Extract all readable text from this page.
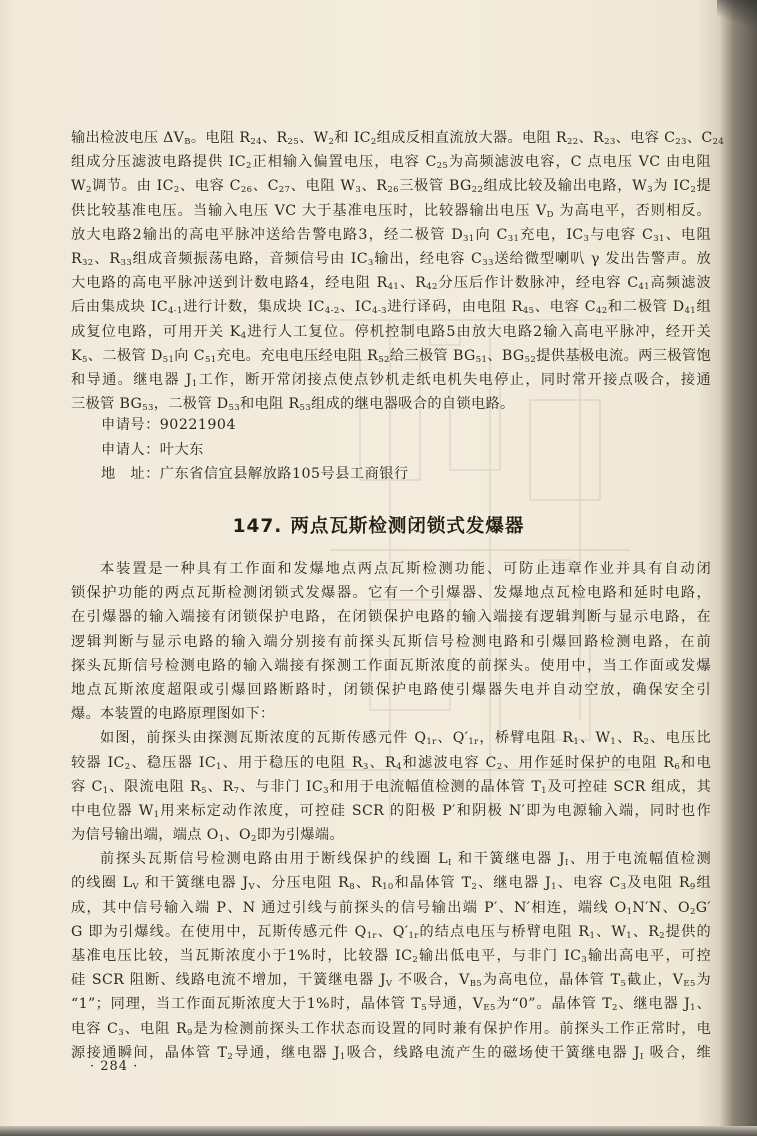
输出检波电压 $\Delta V_B$。电阻 $R_{24}$、$R_{25}$、$W_2$和 $IC_2$组成反相直流放大器。电阻 $R_{22}$、$R_{23}$、电容 $C_{23}$、$C_{24}$
组成分压滤波电路提供 $IC_2$正相输入偏置电压，电容 $C_{25}$为高频滤波电容，C 点电压 VC 由电阻
$W_2$调节。由 $IC_2$、电容 $C_{26}$、$C_{27}$、电阻 $W_3$、$R_{26}$三极管 $BG_{22}$组成比较及输出电路，$W_3$为 $IC_2$提
供比较基准电压。当输入电压 VC 大于基准电压时，比较器输出电压 $V_D$ 为高电平，否则相反。
放大电路2输出的高电平脉冲送给告警电路3，经二极管 $D_{31}$向 $C_{31}$充电，$IC_3$与电容 $C_{31}$、电阻
$R_{32}$、$R_{33}$组成音频振荡电路，音频信号由 $IC_3$输出，经电容 $C_{33}$送给微型喇叭 γ 发出告警声。放
大电路的高电平脉冲送到计数电路4，经电阻 $R_{41}$、$R_{42}$分压后作计数脉冲，经电容 $C_{41}$高频滤波
后由集成块 $IC_{4-1}$进行计数，集成块 $IC_{4-2}$、$IC_{4-3}$进行译码，由电阻 $R_{45}$、电容 $C_{42}$和二极管 $D_{41}$组
成复位电路，可用开关 $K_4$进行人工复位。停机控制电路5由放大电路2输入高电平脉冲，经开关
$K_5$、二极管 $D_{51}$向 $C_{51}$充电。充电电压经电阻 $R_{52}$给三极管 $BG_{51}$、$BG_{52}$提供基极电流。两三极管饱
和导通。继电器 $J_1$工作，断开常闭接点使点钞机走纸电机失电停止，同时常开接点吸合，接通
三极管 $BG_{53}$，二极管 $D_{53}$和电阻 $R_{53}$组成的继电器吸合的自锁电路。
申请号：90221904
申请人：叶大东
地　址：广东省信宜县解放路105号县工商银行
147. 两点瓦斯检测闭锁式发爆器
本装置是一种具有工作面和发爆地点两点瓦斯检测功能、可防止违章作业并具有自动闭
锁保护功能的两点瓦斯检测闭锁式发爆器。它有一个引爆器、发爆地点瓦检电路和延时电路，
在引爆器的输入端接有闭锁保护电路，在闭锁保护电路的输入端接有逻辑判断与显示电路，在
逻辑判断与显示电路的输入端分别接有前探头瓦斯信号检测电路和引爆回路检测电路，在前
探头瓦斯信号检测电路的输入端接有探测工作面瓦斯浓度的前探头。使用中，当工作面或发爆
地点瓦斯浓度超限或引爆回路断路时，闭锁保护电路使引爆器失电并自动空放，确保安全引
爆。本装置的电路原理图如下：
如图，前探头由探测瓦斯浓度的瓦斯传感元件 $Q_{1r}$、$Q'_{1r}$，桥臂电阻 $R_1$、$W_1$、$R_2$、电压比
较器 $IC_2$、稳压器 $IC_1$、用于稳压的电阻 $R_3$、$R_4$和滤波电容 $C_2$、用作延时保护的电阻 $R_6$和电
容 $C_1$、限流电阻 $R_5$、$R_7$、与非门 $IC_3$和用于电流幅值检测的晶体管 $T_1$及可控硅 SCR 组成，其
中电位器 $W_1$用来标定动作浓度，可控硅 SCR 的阳极 P′和阴极 N′即为电源输入端，同时也作
为信号输出端，端点 $O_1$、$O_2$即为引爆端。
前探头瓦斯信号检测电路由用于断线保护的线圈 $L_I$ 和干簧继电器 $J_I$、用于电流幅值检测
的线圈 $L_V$ 和干簧继电器 $J_V$、分压电阻 $R_8$、$R_{10}$和晶体管 $T_2$、继电器 $J_1$、电容 $C_3$及电阻 $R_9$组
成，其中信号输入端 P、N 通过引线与前探头的信号输出端 P′、N′相连，端线 $O_1N'N$、$O_2G'$
G 即为引爆线。在使用中，瓦斯传感元件 $Q_{1r}$、$Q'_{1r}$的结点电压与桥臂电阻 $R_1$、$W_1$、$R_2$提供的
基准电压比较，当瓦斯浓度小于1%时，比较器 $IC_2$输出低电平，与非门 $IC_3$输出高电平，可控
硅 SCR 阻断、线路电流不增加，干簧继电器 $J_V$ 不吸合，$V_{B5}$为高电位，晶体管 $T_5$截止，$V_{E5}$为
“1”；同理，当工作面瓦斯浓度大于1%时，晶体管 $T_5$导通，$V_{E5}$为“0”。晶体管 $T_2$、继电器 $J_1$、
电容 $C_3$、电阻 $R_9$是为检测前探头工作状态而设置的同时兼有保护作用。前探头工作正常时，电
源接通瞬间，晶体管 $T_2$导通，继电器 $J_1$吸合，线路电流产生的磁场使干簧继电器 $J_I$ 吸合，维
· 284 ·
